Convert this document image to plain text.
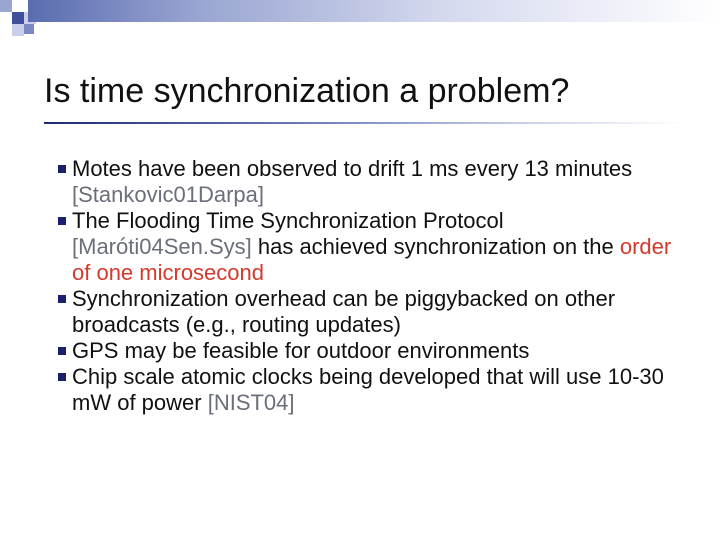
Is time synchronization a problem?
Motes have been observed to drift 1 ms every 13 minutes [Stankovic01Darpa]
The Flooding Time Synchronization Protocol [Maróti04Sen.Sys] has achieved synchronization on the order of one microsecond
Synchronization overhead can be piggybacked on other broadcasts (e.g., routing updates)
GPS may be feasible for outdoor environments
Chip scale atomic clocks being developed that will use 10-30 mW of power [NIST04]
